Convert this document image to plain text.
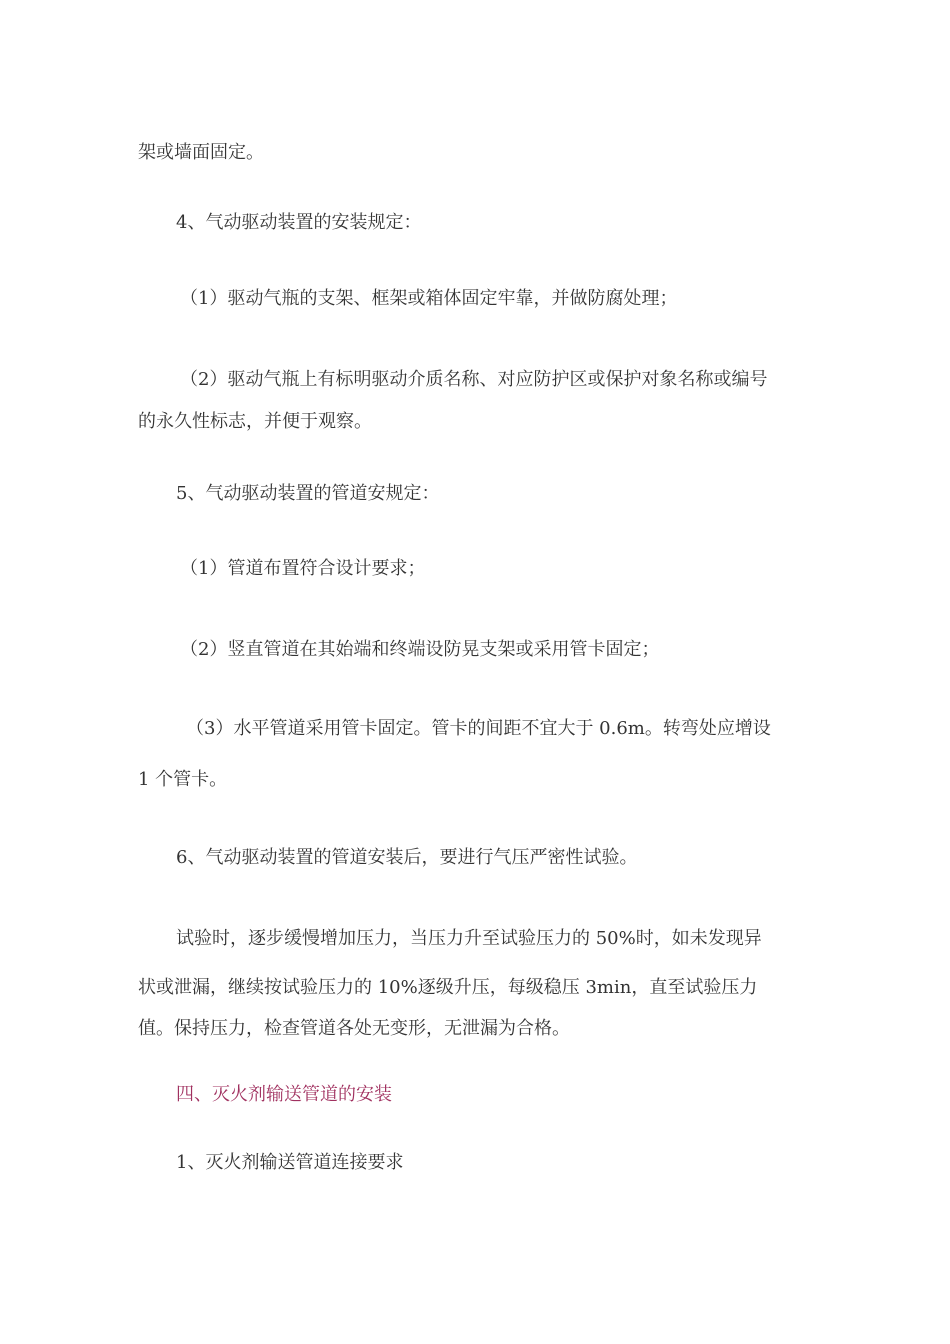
架或墙面固定。
4、气动驱动装置的安装规定：
（1）驱动气瓶的支架、框架或箱体固定牢靠，并做防腐处理；
（2）驱动气瓶上有标明驱动介质名称、对应防护区或保护对象名称或编号
的永久性标志，并便于观察。
5、气动驱动装置的管道安规定：
（1）管道布置符合设计要求；
（2）竖直管道在其始端和终端设防晃支架或采用管卡固定；
（3）水平管道采用管卡固定。管卡的间距不宜大于 0.6m。转弯处应增设
1 个管卡。
6、气动驱动装置的管道安装后，要进行气压严密性试验。
试验时，逐步缓慢增加压力，当压力升至试验压力的 50%时，如未发现异
状或泄漏，继续按试验压力的 10%逐级升压，每级稳压 3min，直至试验压力
值。保持压力，检查管道各处无变形，无泄漏为合格。
四、灭火剂输送管道的安装
1、灭火剂输送管道连接要求
